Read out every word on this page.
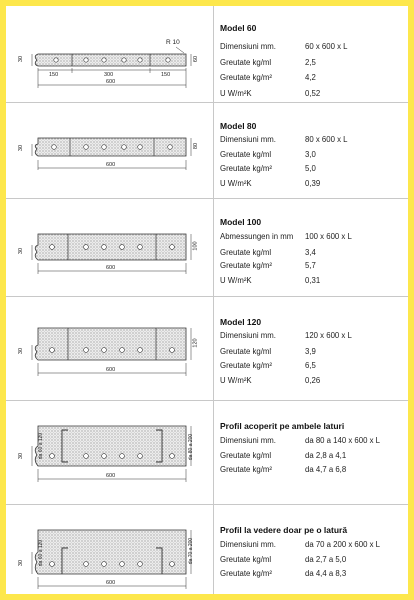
R 10
30	60
150	300	150
600
Model 60
Dimensiuni mm.	60 x 600 x L
Greutate kg/ml	2,5
Greutate kg/m²	4,2
U W/m²K	0,52
30	80
600
Model 80
Dimensiuni mm.	80 x 600 x L
Greutate kg/ml	3,0
Greutate kg/m²	5,0
U W/m²K	0,39
30
100
600
Model 100
Abmessungen in mm 100 x 600 x L
Greutate kg/ml	3,4
Greutate kg/m²	5,7
U W/m²K	0,31
30
120
600
Model 120
Dimensiuni mm.	120 x 600 x L
Greutate kg/ml	3,9
Greutate kg/m²	6,5
U W/m²K	0,26
30	da 60 a 120	da 80 a 200
600
Profil acoperit pe ambele laturi
Dimensiuni mm.	da 80 a 140 x 600 x L
Greutate kg/ml	da 2,8 a 4,1
Greutate kg/m²	da 4,7 a 6,8
30	da 60 a 120	da 70 a 200
600
Profil la vedere doar pe o latură
Dimensiuni mm.	da 70 a 200 x 600 x L
Greutate kg/ml	da 2,7 a 5,0
Greutate kg/m²	da 4,4 a 8,3
